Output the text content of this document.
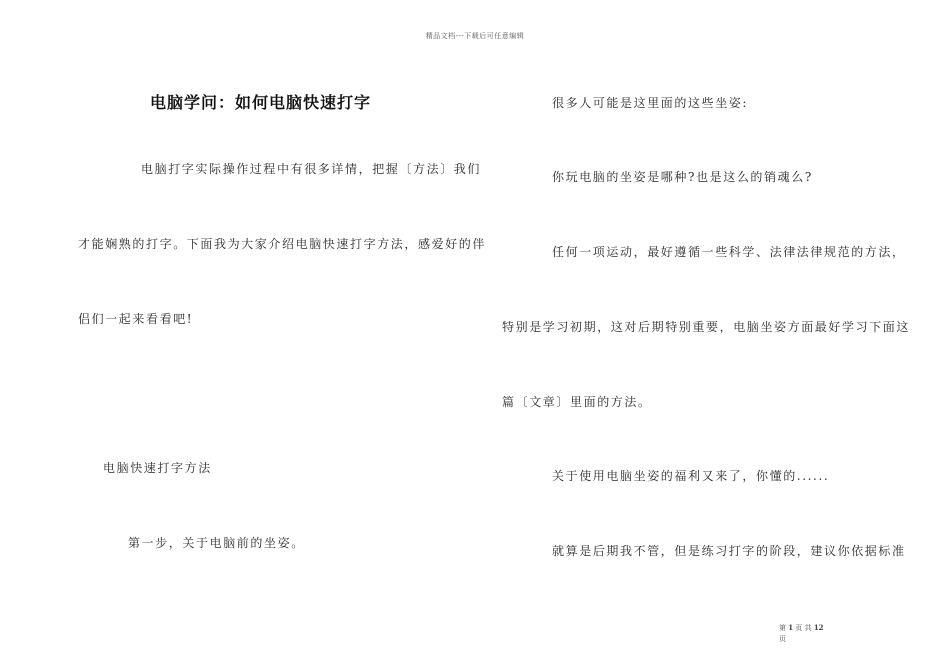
精品文档---下载后可任意编辑
电脑学问：如何电脑快速打字
电脑打字实际操作过程中有很多详情，把握〔方法〕我们
才能娴熟的打字。下面我为大家介绍电脑快速打字方法，感爱好的伴
侣们一起来看看吧!
电脑快速打字方法
第一步，关于电脑前的坐姿。
很多人可能是这里面的这些坐姿:
你玩电脑的坐姿是哪种?也是这么的销魂么?
任何一项运动，最好遵循一些科学、法律法律规范的方法，
特别是学习初期，这对后期特别重要，电脑坐姿方面最好学习下面这
篇〔文章〕里面的方法。
关于使用电脑坐姿的福利又来了，你懂的......
就算是后期我不管，但是练习打字的阶段，建议你依据标准
第 1 页 共 12
页
